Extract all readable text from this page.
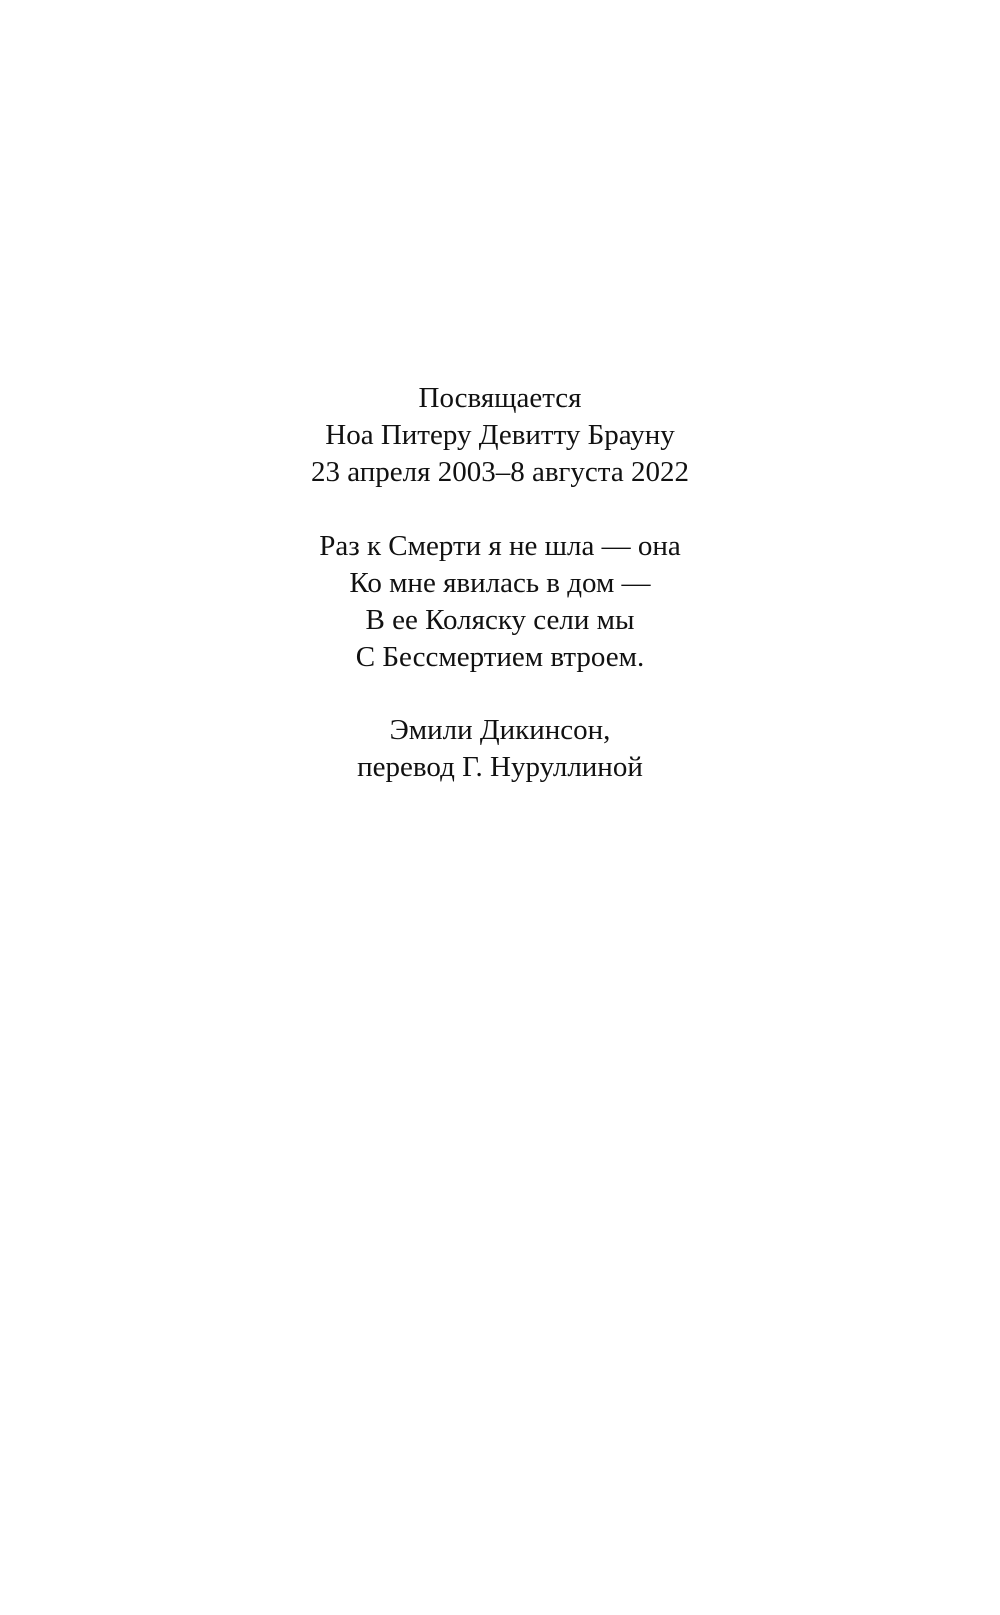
Посвящается
Ноа Питеру Девитту Брауну
23 апреля 2003–8 августа 2022
Раз к Смерти я не шла — она
Ко мне явилась в дом —
В ее Коляску сели мы
С Бессмертием втроем.
Эмили Дикинсон,
перевод Г. Нуруллиной
